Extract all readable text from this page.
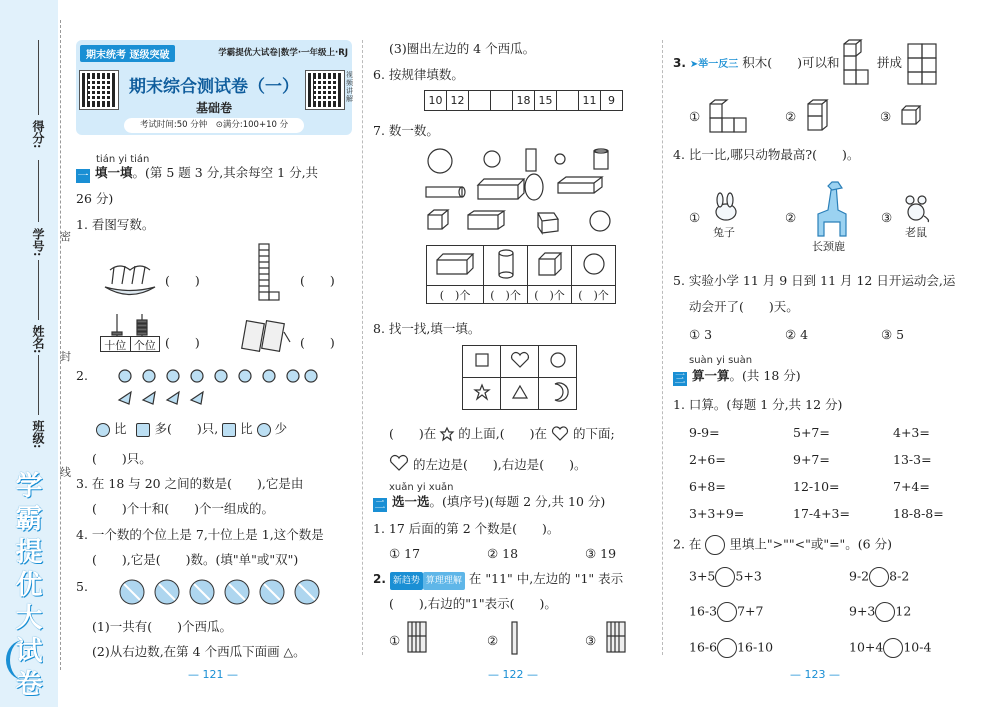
学霸提优大试卷
得分:
学号:
姓名:
班级:
密
封
线
期末统考 逐级突破	学霸提优大试卷|数学·一年级上·RJ
期末综合测试卷（一）
基础卷
视频讲解
考试时间:50 分钟　⊙满分:100+10 分
tián yi tián
一 填一填。(第 5 题 3 分,其余每空 1 分,共
26 分)
1. 看图写数。
(　　)	(　　)
十位 个位 (　　)	(　　)
2.
比 多(　　)只, 比 少
(　　)只。
3. 在 18 与 20 之间的数是(　　),它是由
(　　)个十和(　　)个一组成的。
4. 一个数的个位上是 7,十位上是 1,这个数是
(　　),它是(　　)数。(填"单"或"双")
5.
(1)一共有(　　)个西瓜。
(2)从右边数,在第 4 个西瓜下面画 △。
— 121 —
(3)圈出左边的 4 个西瓜。
6. 按规律填数。
10	12			18	15		11	9
7. 数一数。

(　)个	(　)个	(　)个	(　)个
8. 找一找,填一填。

(　　)在 的上面,(　　)在 的下面;
的左边是(　　),右边是(　　)。
xuǎn yi xuǎn
二 选一选。(填序号)(每题 2 分,共 10 分)
1. 17 后面的第 2 个数是(　　)。
① 17	② 18	③ 19
2. 新趋势 算理理解 在 "11" 中,左边的 "1" 表示
(　　),右边的"1"表示(　　)。
①	②	③
— 122 —
3. ➤举一反三 积木(　　)可以和	拼成
①	②	③
4. 比一比,哪只动物最高?(　　)。
①
兔子
②
长颈鹿
③
老鼠
5. 实验小学 11 月 9 日到 11 月 12 日开运动会,运
动会开了(　　)天。
① 3	② 4	③ 5
suàn yi suàn
三 算一算。(共 18 分)
1. 口算。(每题 1 分,共 12 分)
9-9=	5+7=	4+3=
2+6=	9+7=	13-3=
6+8=	12-10=	7+4=
3+3+9=	17-4+3=	18-8-8=
2. 在 里填上">""<"或"="。(6 分)
3+5 5+3	9-2 8-2
16-3 7+7	9+3 12
16-6 16-10	10+4 10-4
— 123 —
